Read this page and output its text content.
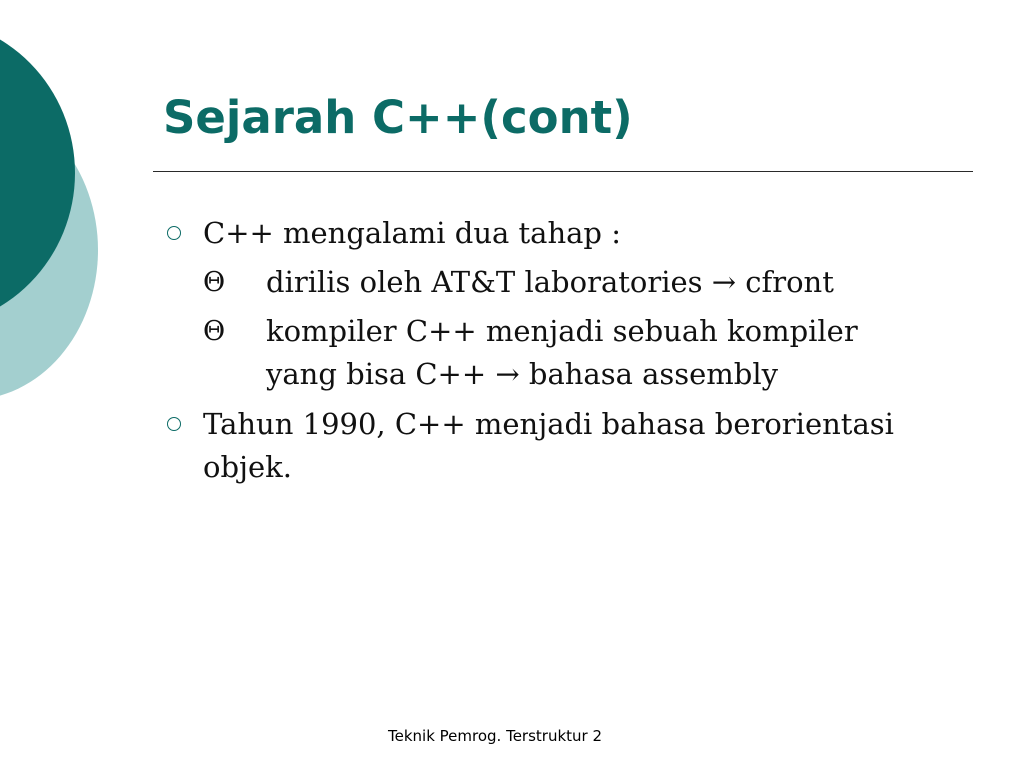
Sejarah C++(cont)
C++ mengalami dua tahap :
Θ dirilis oleh AT&T laboratories → cfront
Θ kompiler C++ menjadi sebuah kompiler
yang bisa C++ → bahasa assembly
Tahun 1990, C++ menjadi bahasa berorientasi objek.
Teknik Pemrog. Terstruktur 2
